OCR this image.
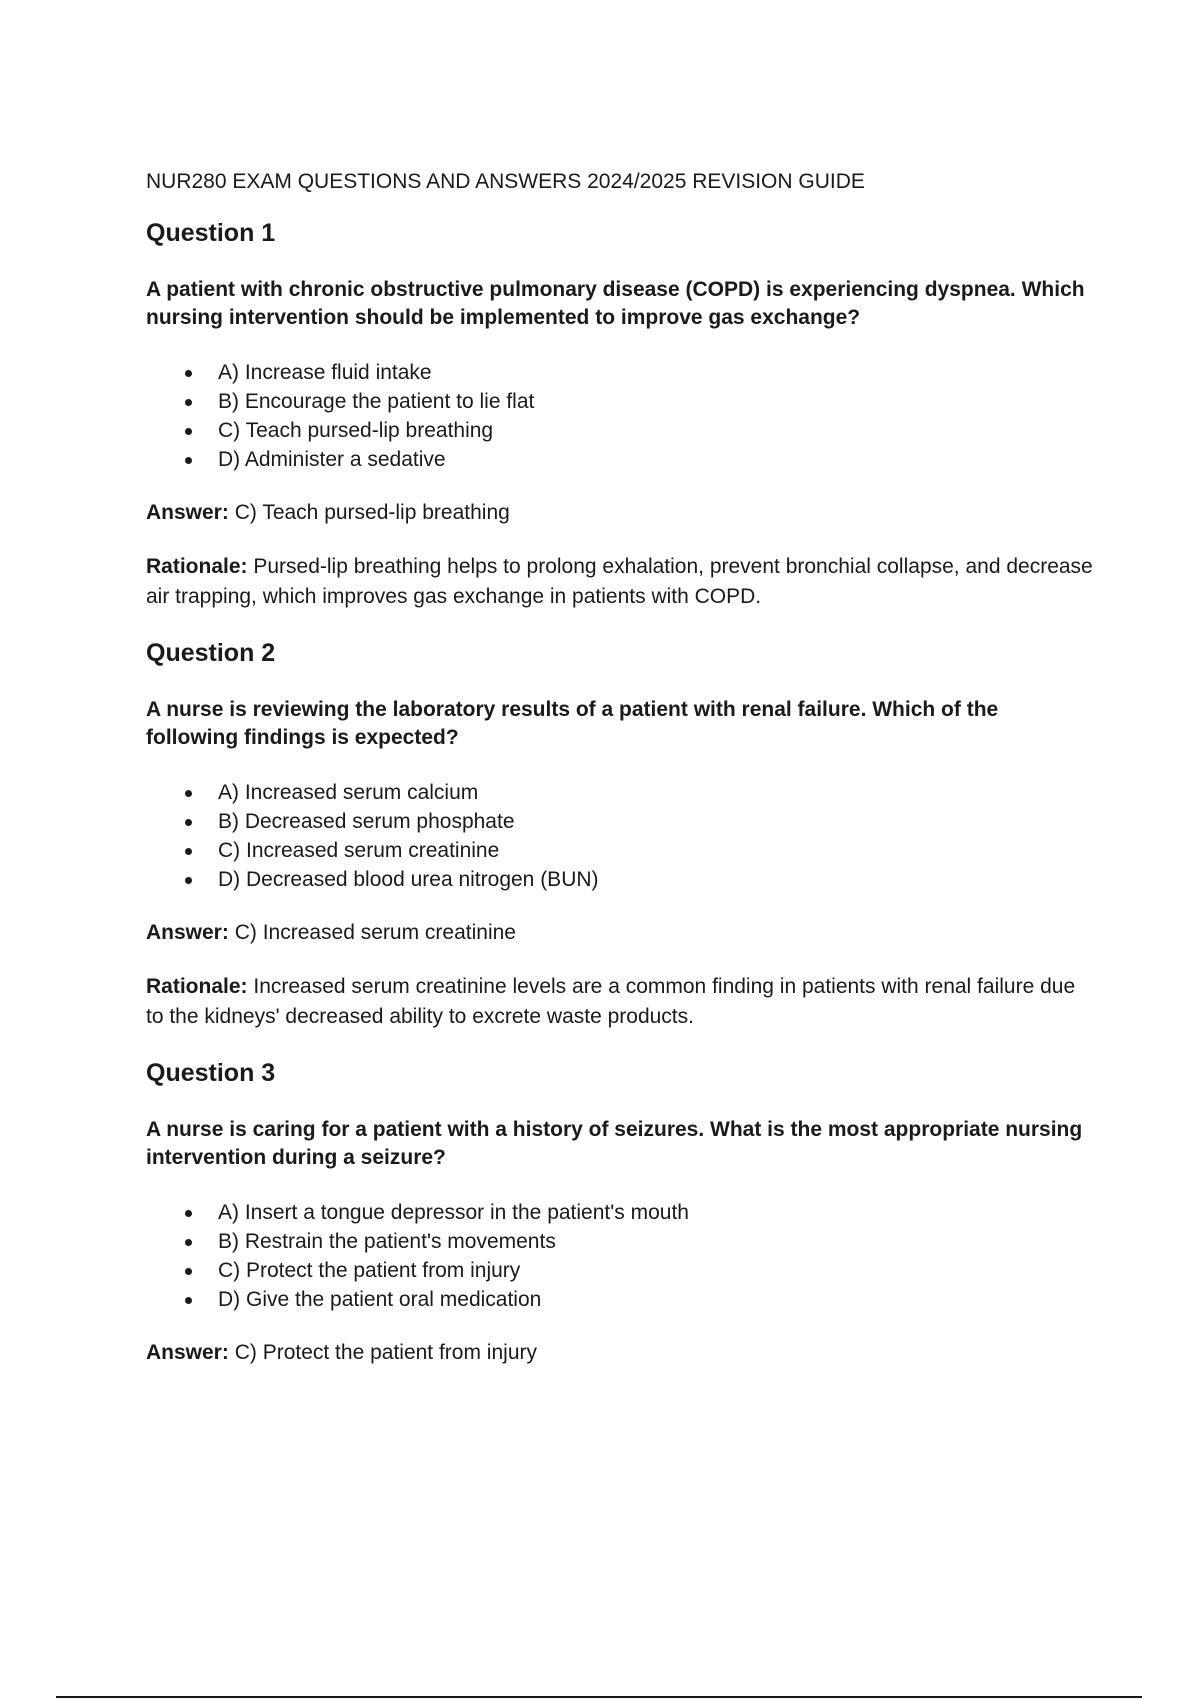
NUR280 EXAM QUESTIONS AND ANSWERS 2024/2025 REVISION GUIDE

Question 1

A patient with chronic obstructive pulmonary disease (COPD) is experiencing dyspnea. Which nursing intervention should be implemented to improve gas exchange?

A) Increase fluid intake
B) Encourage the patient to lie flat
C) Teach pursed-lip breathing
D) Administer a sedative

Answer: C) Teach pursed-lip breathing

Rationale: Pursed-lip breathing helps to prolong exhalation, prevent bronchial collapse, and decrease air trapping, which improves gas exchange in patients with COPD.

Question 2

A nurse is reviewing the laboratory results of a patient with renal failure. Which of the following findings is expected?

A) Increased serum calcium
B) Decreased serum phosphate
C) Increased serum creatinine
D) Decreased blood urea nitrogen (BUN)

Answer: C) Increased serum creatinine

Rationale: Increased serum creatinine levels are a common finding in patients with renal failure due to the kidneys' decreased ability to excrete waste products.

Question 3

A nurse is caring for a patient with a history of seizures. What is the most appropriate nursing intervention during a seizure?

A) Insert a tongue depressor in the patient's mouth
B) Restrain the patient's movements
C) Protect the patient from injury
D) Give the patient oral medication

Answer: C) Protect the patient from injury
